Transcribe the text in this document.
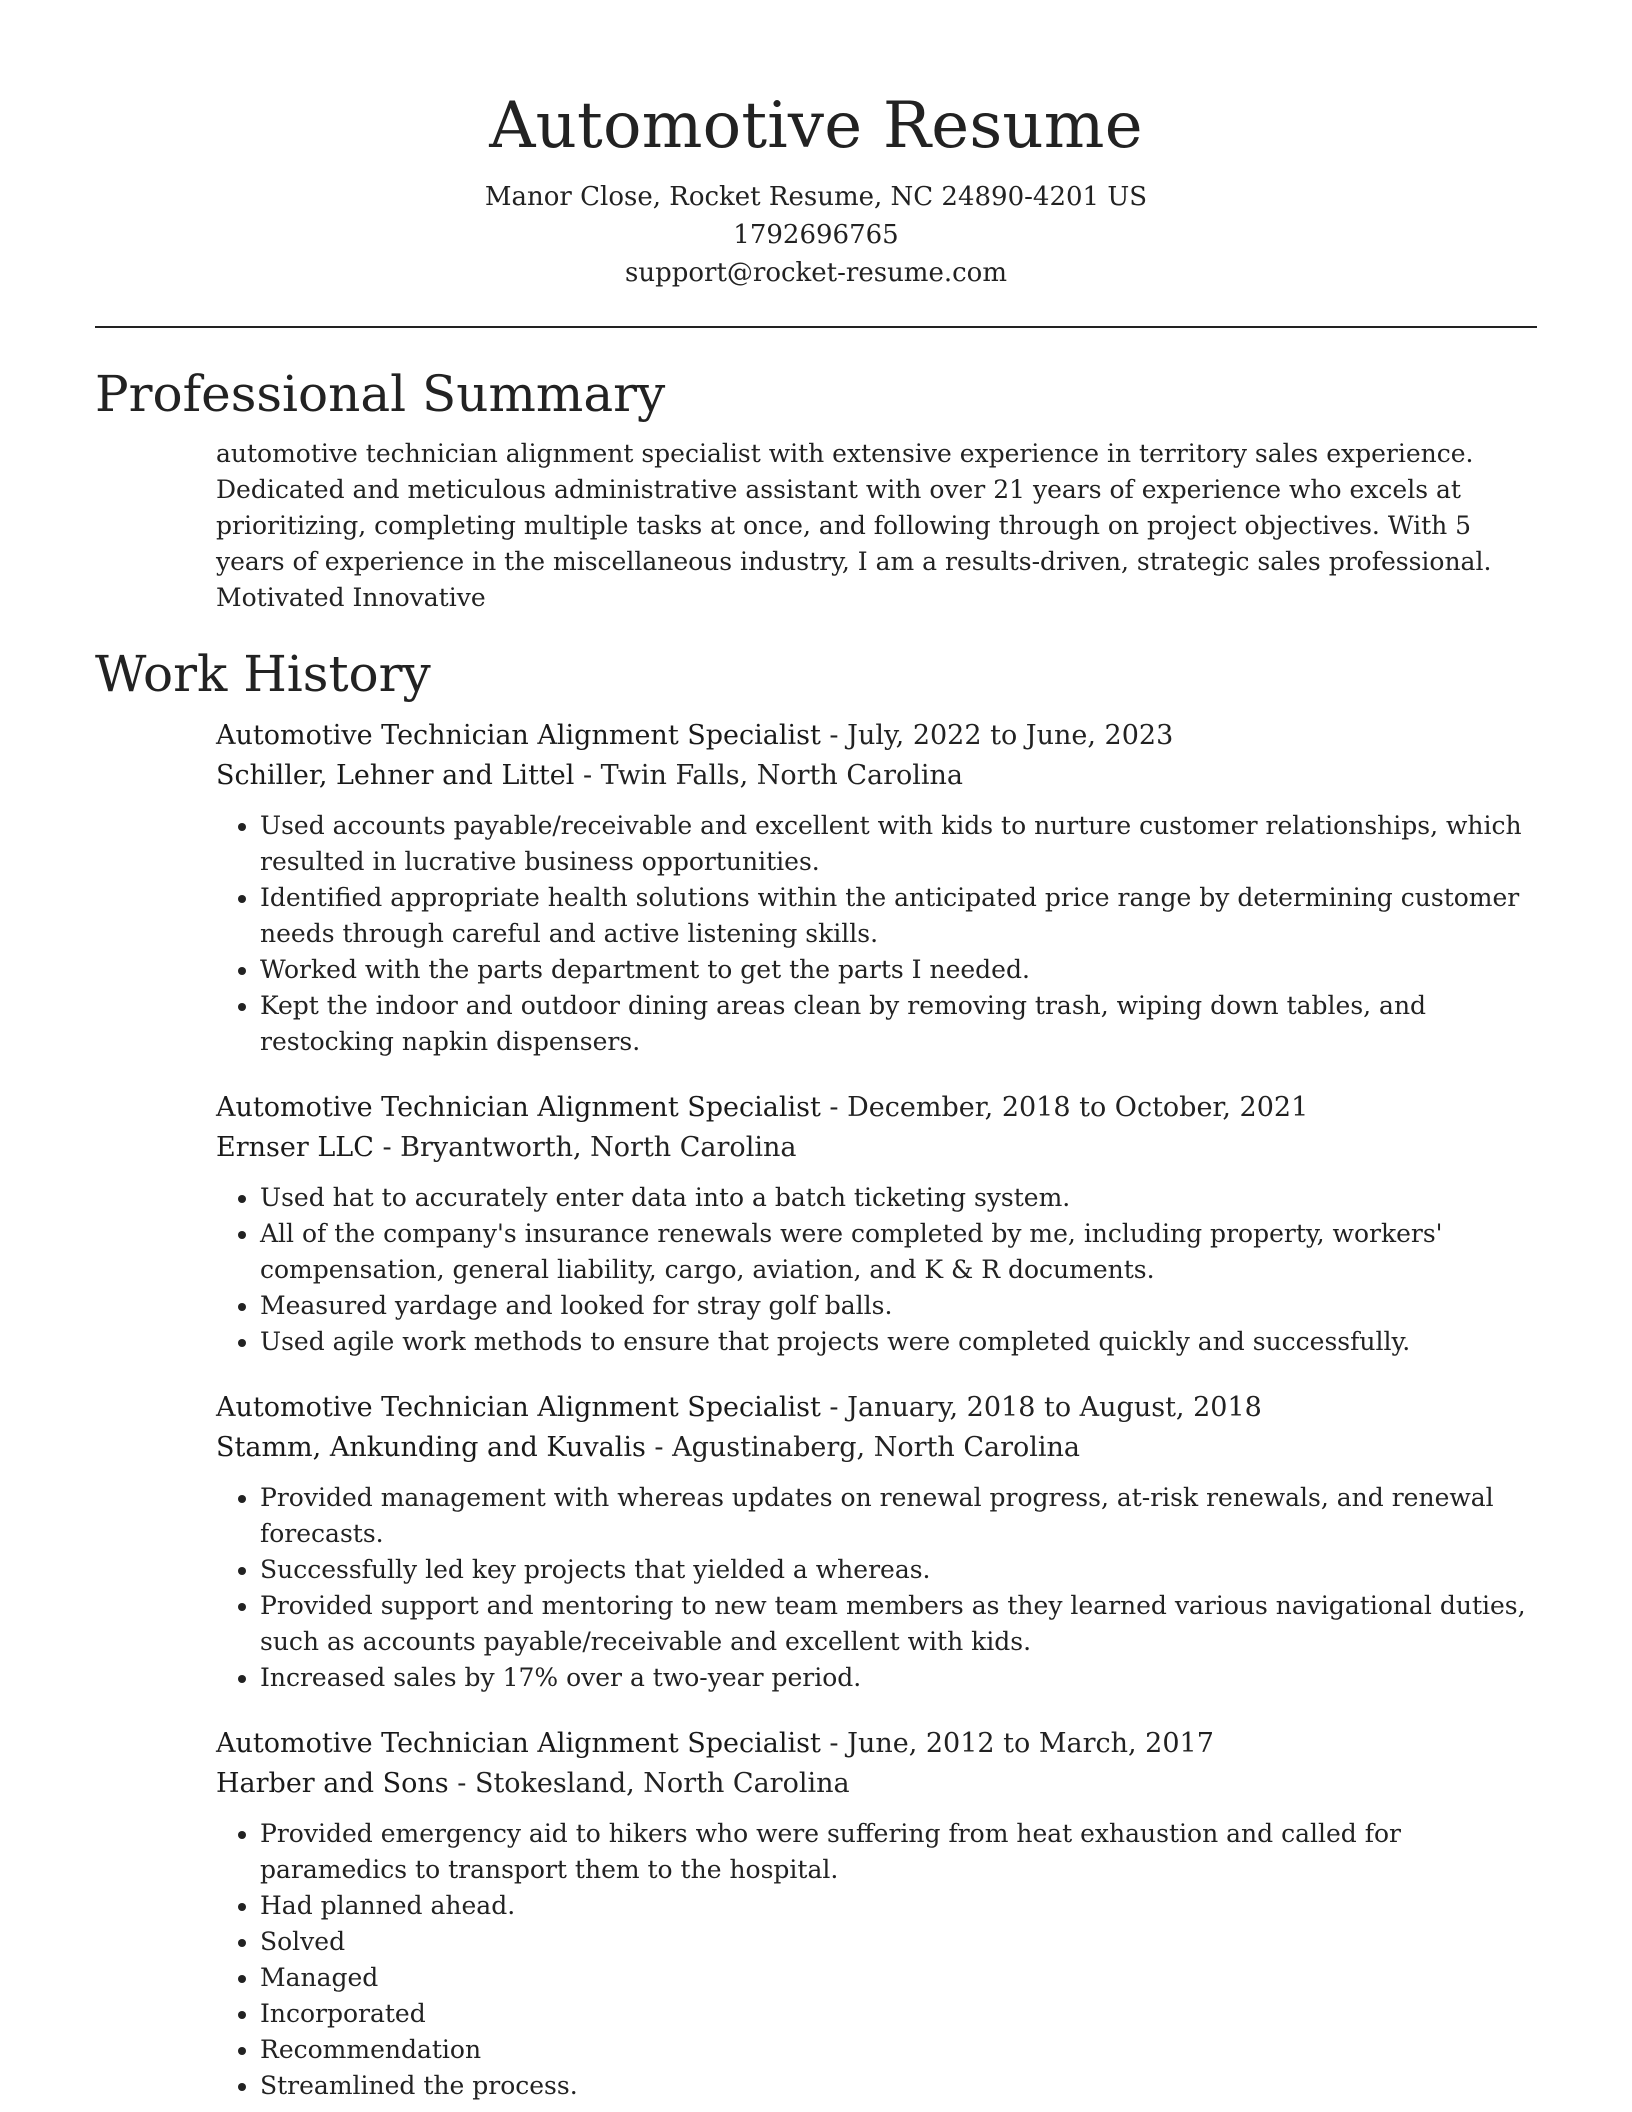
Automotive Resume

Manor Close, Rocket Resume, NC 24890-4201 US

1792696765

support@rocket-resume.com

Professional Summary

automotive technician alignment specialist with extensive experience in territory sales experience. Dedicated and meticulous administrative assistant with over 21 years of experience who excels at prioritizing, completing multiple tasks at once, and following through on project objectives. With 5 years of experience in the miscellaneous industry, I am a results-driven, strategic sales professional. Motivated Innovative

Work History

Automotive Technician Alignment Specialist - July, 2022 to June, 2023

Schiller, Lehner and Littel - Twin Falls, North Carolina

• Used accounts payable/receivable and excellent with kids to nurture customer relationships, which resulted in lucrative business opportunities.
• Identified appropriate health solutions within the anticipated price range by determining customer needs through careful and active listening skills.
• Worked with the parts department to get the parts I needed.
• Kept the indoor and outdoor dining areas clean by removing trash, wiping down tables, and restocking napkin dispensers.

Automotive Technician Alignment Specialist - December, 2018 to October, 2021

Ernser LLC - Bryantworth, North Carolina

• Used hat to accurately enter data into a batch ticketing system.
• All of the company's insurance renewals were completed by me, including property, workers' compensation, general liability, cargo, aviation, and K & R documents.
• Measured yardage and looked for stray golf balls.
• Used agile work methods to ensure that projects were completed quickly and successfully.

Automotive Technician Alignment Specialist - January, 2018 to August, 2018

Stamm, Ankunding and Kuvalis - Agustinaberg, North Carolina

• Provided management with whereas updates on renewal progress, at-risk renewals, and renewal forecasts.
• Successfully led key projects that yielded a whereas.
• Provided support and mentoring to new team members as they learned various navigational duties, such as accounts payable/receivable and excellent with kids.
• Increased sales by 17% over a two-year period.

Automotive Technician Alignment Specialist - June, 2012 to March, 2017

Harber and Sons - Stokesland, North Carolina

• Provided emergency aid to hikers who were suffering from heat exhaustion and called for paramedics to transport them to the hospital.
• Had planned ahead.
• Solved
• Managed
• Incorporated
• Recommendation
• Streamlined the process.
